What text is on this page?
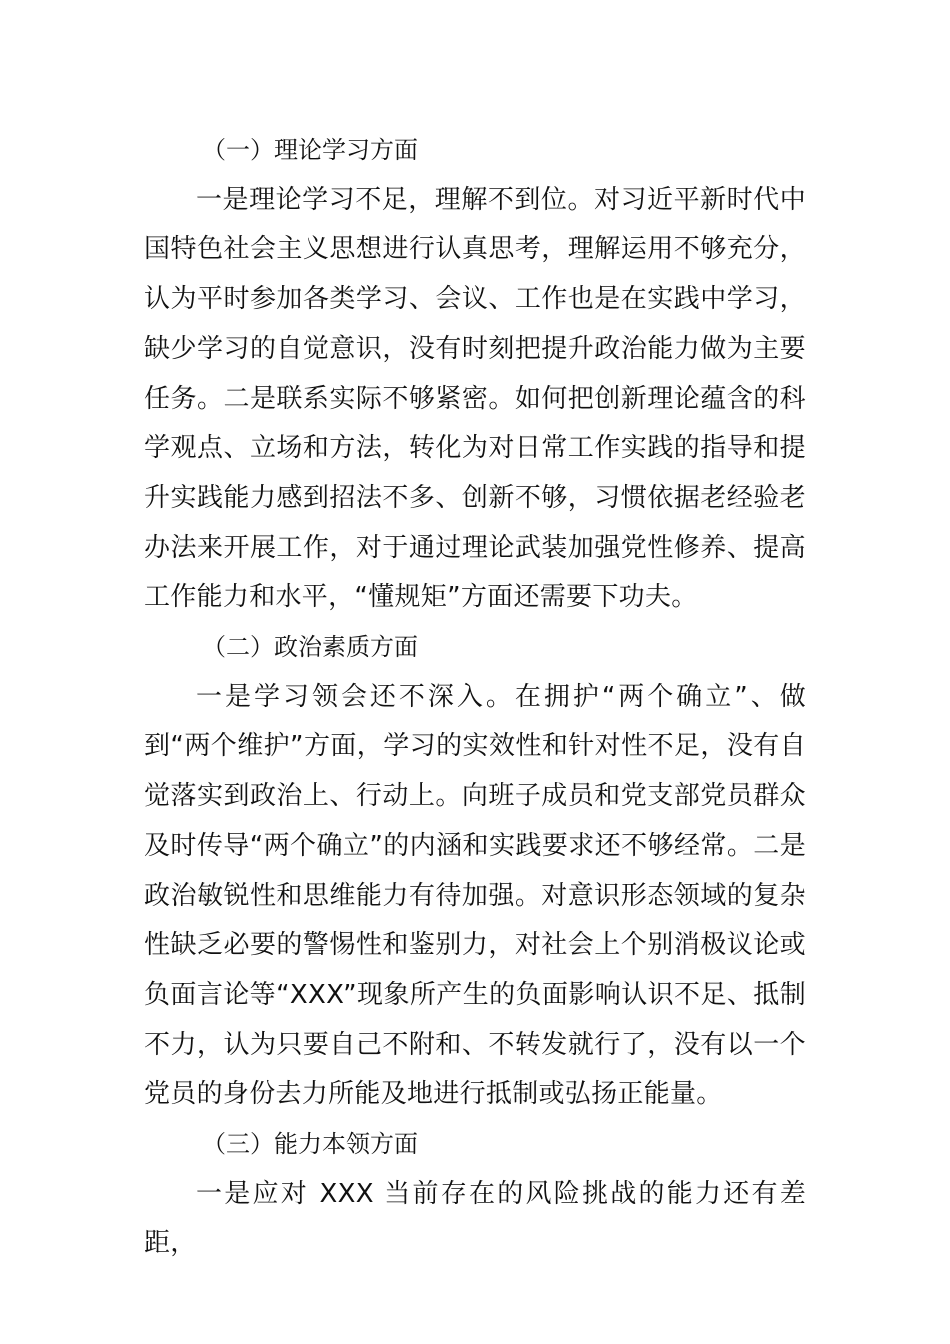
（一）理论学习方面

一是理论学习不足，理解不到位。对习近平新时代中国特色社会主义思想进行认真思考，理解运用不够充分，认为平时参加各类学习、会议、工作也是在实践中学习，缺少学习的自觉意识，没有时刻把提升政治能力做为主要任务。二是联系实际不够紧密。如何把创新理论蕴含的科学观点、立场和方法，转化为对日常工作实践的指导和提升实践能力感到招法不多、创新不够，习惯依据老经验老办法来开展工作，对于通过理论武装加强党性修养、提高工作能力和水平，“懂规矩”方面还需要下功夫。

（二）政治素质方面

一是学习领会还不深入。在拥护“两个确立”、做到“两个维护”方面，学习的实效性和针对性不足，没有自觉落实到政治上、行动上。向班子成员和党支部党员群众及时传导“两个确立”的内涵和实践要求还不够经常。二是政治敏锐性和思维能力有待加强。对意识形态领域的复杂性缺乏必要的警惕性和鉴别力，对社会上个别消极议论或负面言论等“XXX”现象所产生的负面影响认识不足、抵制不力，认为只要自己不附和、不转发就行了，没有以一个党员的身份去力所能及地进行抵制或弘扬正能量。

（三）能力本领方面

一是应对 XXX 当前存在的风险挑战的能力还有差距，
